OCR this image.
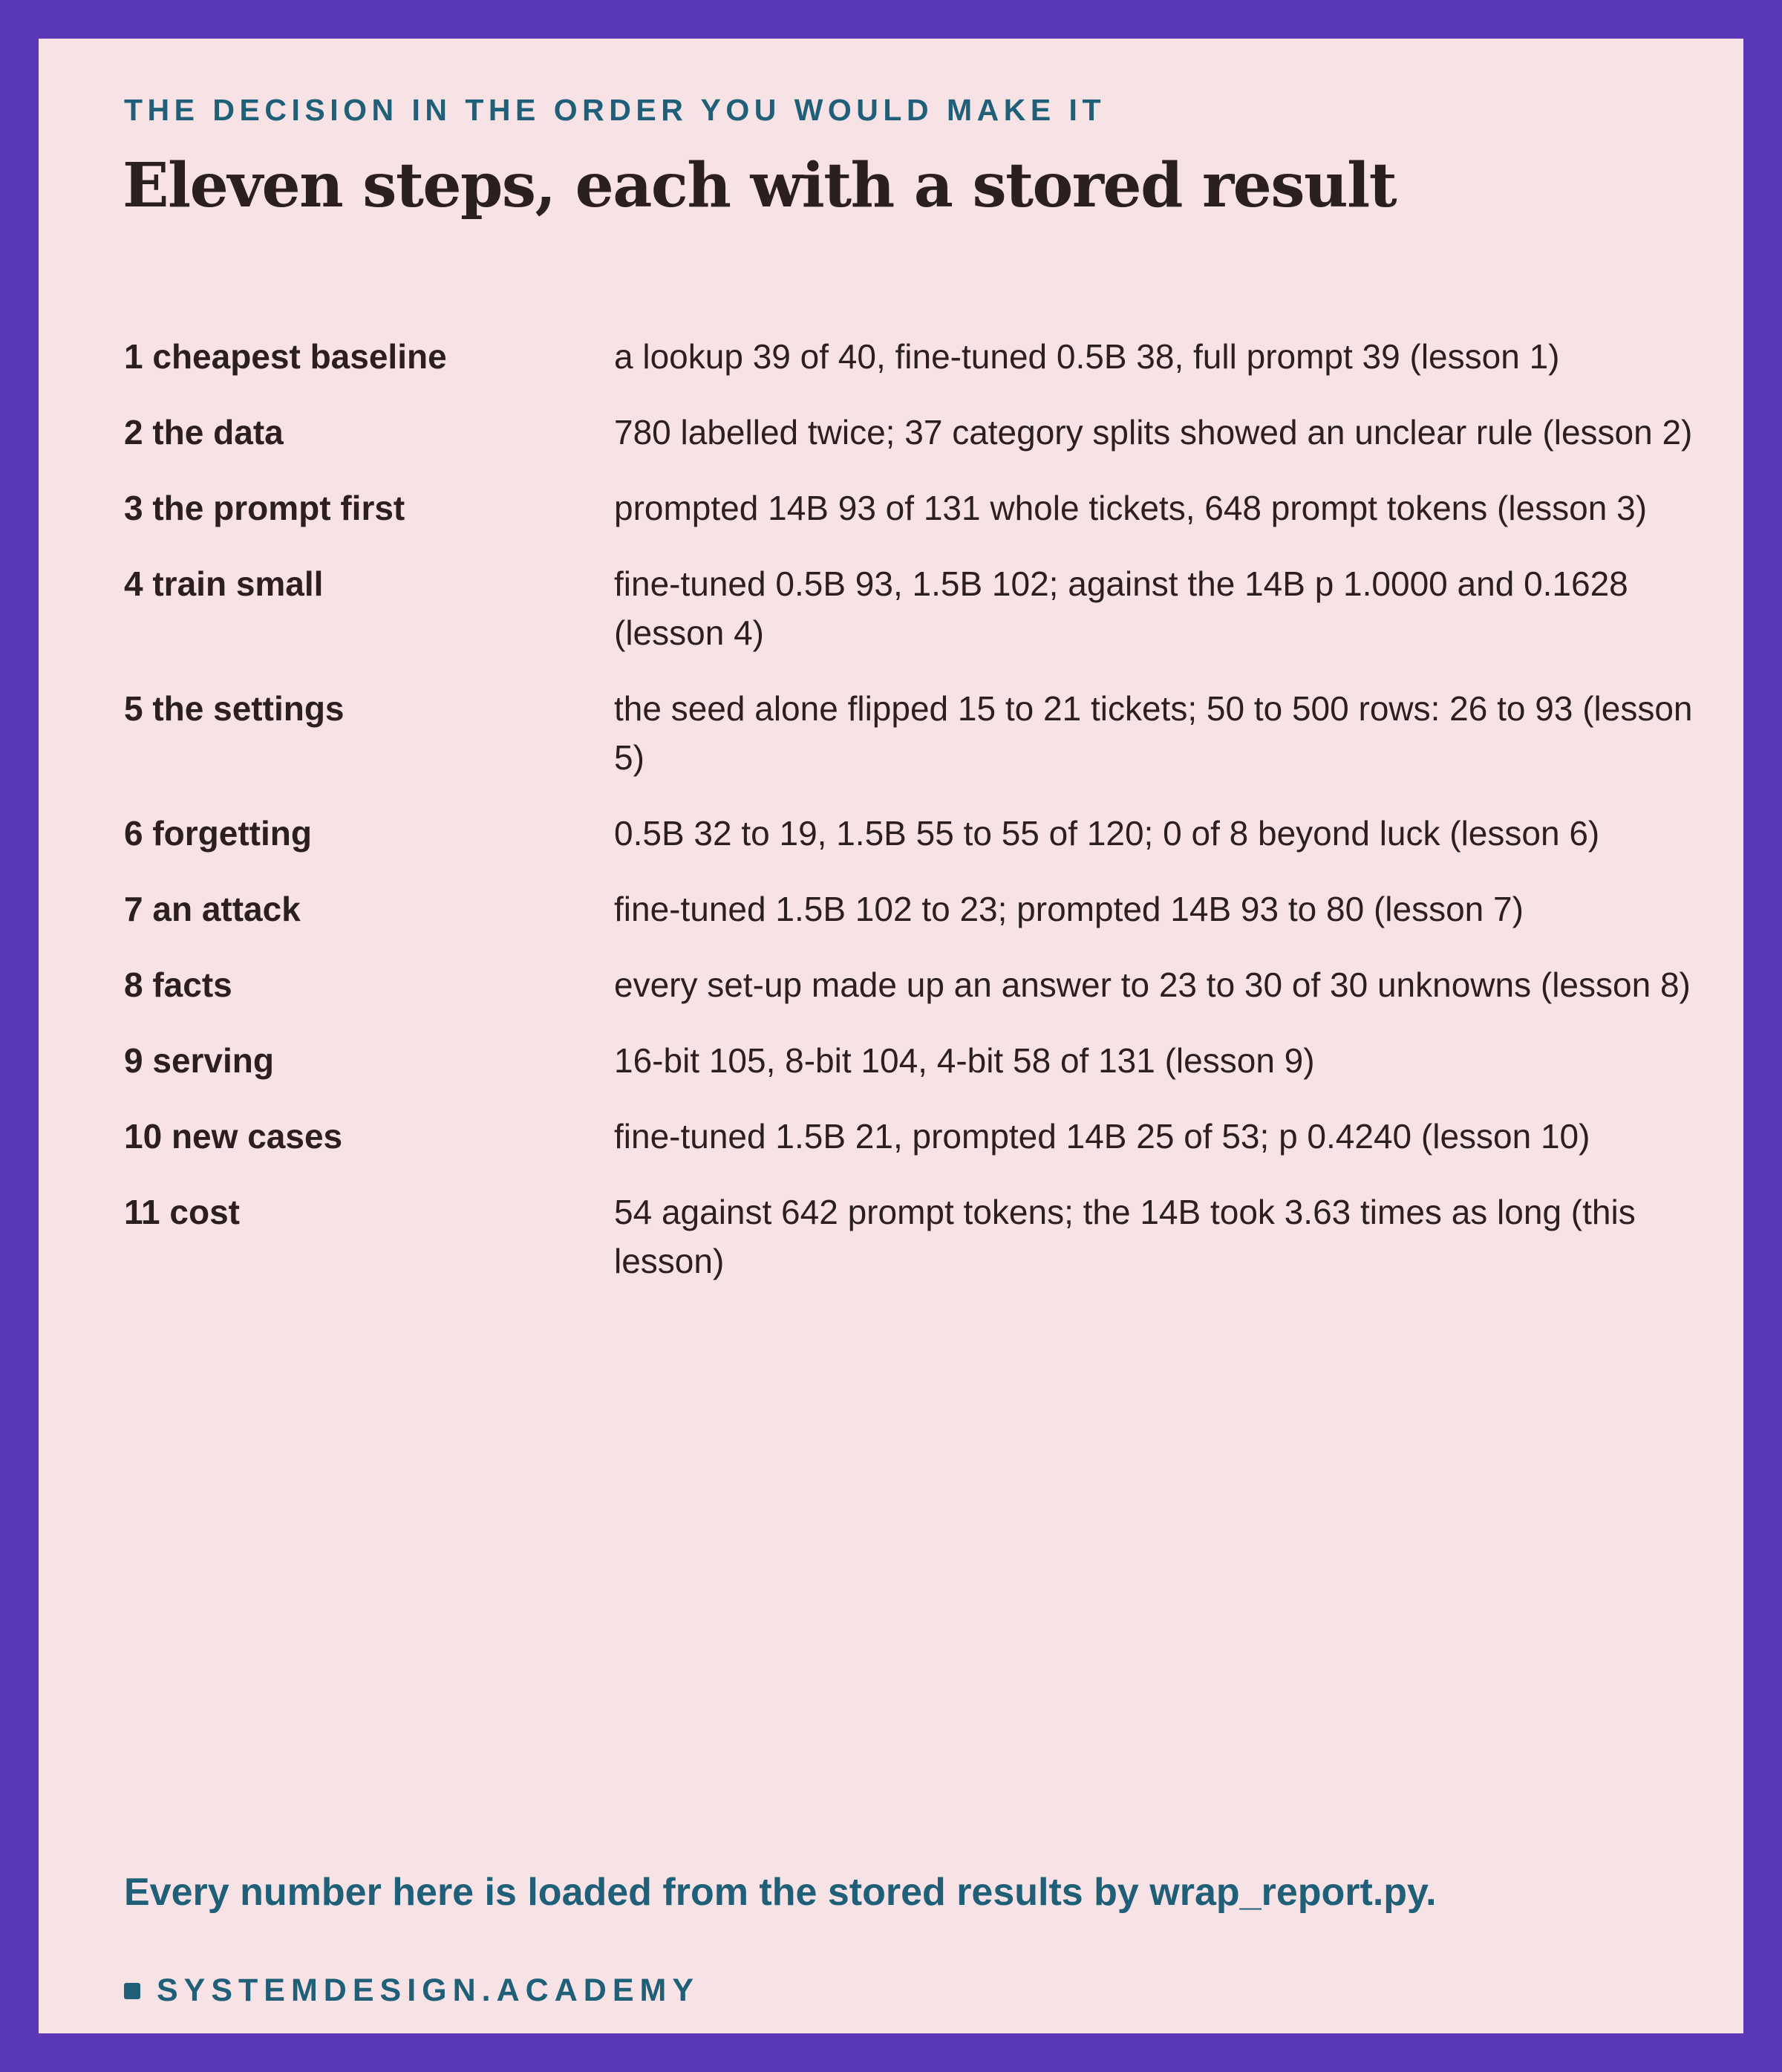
THE DECISION IN THE ORDER YOU WOULD MAKE IT
Eleven steps, each with a stored result
1 cheapest baseline	a lookup 39 of 40, fine-tuned 0.5B 38, full prompt 39 (lesson 1)
2 the data	780 labelled twice; 37 category splits showed an unclear rule (lesson 2)
3 the prompt first	prompted 14B 93 of 131 whole tickets, 648 prompt tokens (lesson 3)
4 train small	fine-tuned 0.5B 93, 1.5B 102; against the 14B p 1.0000 and 0.1628 (lesson 4)
5 the settings	the seed alone flipped 15 to 21 tickets; 50 to 500 rows: 26 to 93 (lesson 5)
6 forgetting	0.5B 32 to 19, 1.5B 55 to 55 of 120; 0 of 8 beyond luck (lesson 6)
7 an attack	fine-tuned 1.5B 102 to 23; prompted 14B 93 to 80 (lesson 7)
8 facts	every set-up made up an answer to 23 to 30 of 30 unknowns (lesson 8)
9 serving	16-bit 105, 8-bit 104, 4-bit 58 of 131 (lesson 9)
10 new cases	fine-tuned 1.5B 21, prompted 14B 25 of 53; p 0.4240 (lesson 10)
11 cost	54 against 642 prompt tokens; the 14B took 3.63 times as long (this lesson)
Every number here is loaded from the stored results by wrap_report.py.
SYSTEMDESIGN.ACADEMY
